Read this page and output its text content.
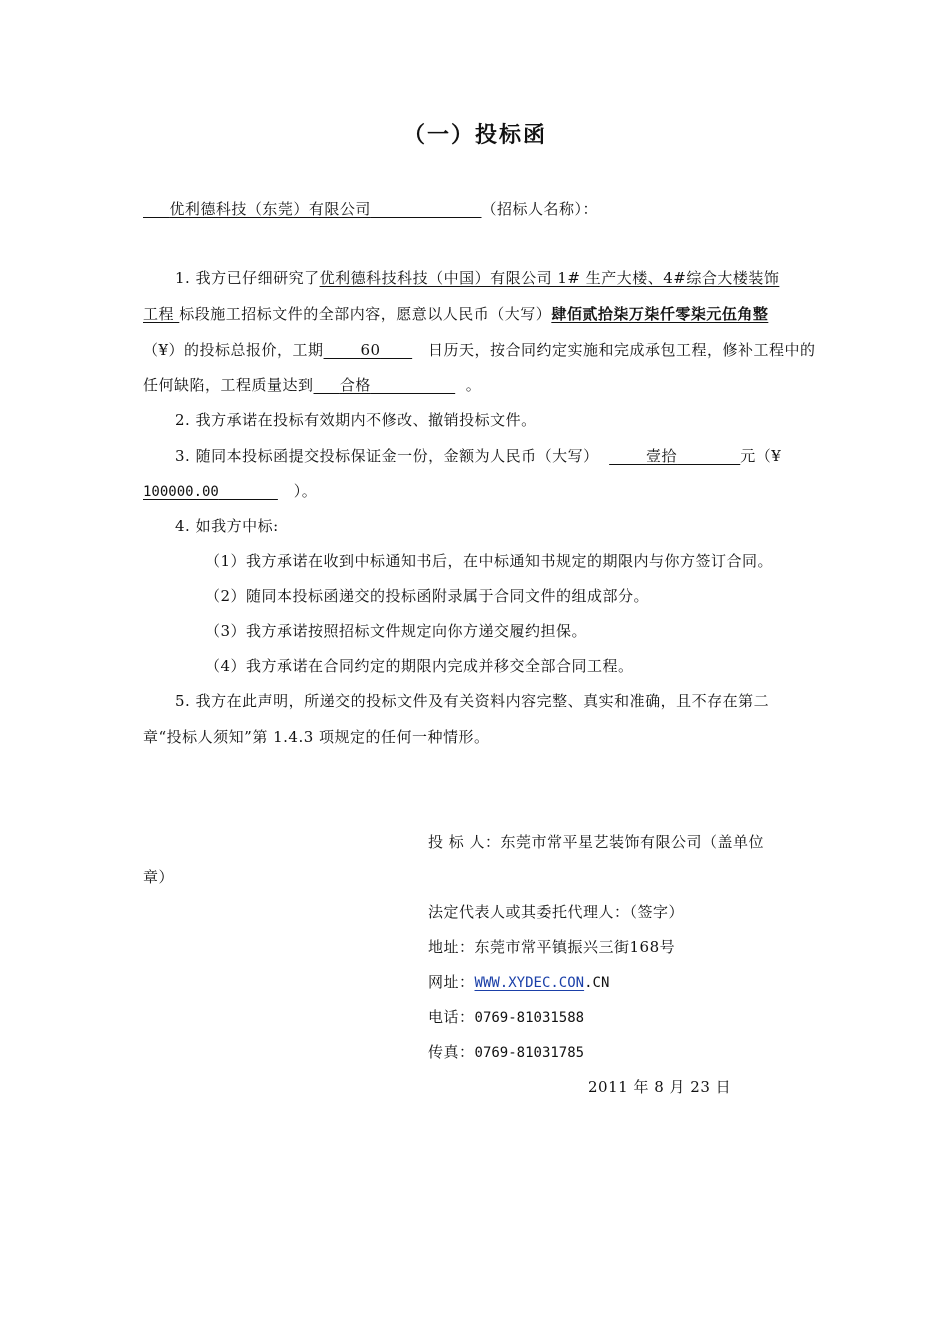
（一）投标函
优利德科技（东莞）有限公司	（招标人名称）：
1. 我方已仔细研究了优利德科技科技（中国）有限公司 1# 生产大楼、4#综合大楼装饰
工程 标段施工招标文件的全部内容，愿意以人民币（大写）肆佰贰拾柒万柒仟零柒元伍角整
（¥）的投标总报价，工期 60	日历天，按合同约定实施和完成承包工程，修补工程中的
任何缺陷，工程质量达到 合格	。
2. 我方承诺在投标有效期内不修改、撤销投标文件。
3. 随同本投标函提交投标保证金一份，金额为人民币（大写）	壹拾	元（¥
100000.00	）。
4. 如我方中标:
（1）我方承诺在收到中标通知书后，在中标通知书规定的期限内与你方签订合同。
（2）随同本投标函递交的投标函附录属于合同文件的组成部分。
（3）我方承诺按照招标文件规定向你方递交履约担保。
（4）我方承诺在合同约定的期限内完成并移交全部合同工程。
5. 我方在此声明，所递交的投标文件及有关资料内容完整、真实和准确，且不存在第二
章“投标人须知”第 1.4.3 项规定的任何一种情形。
投 标 人：东莞市常平星艺装饰有限公司（盖单位
章）
法定代表人或其委托代理人：（签字）
地址：东莞市常平镇振兴三街168号
网址：WWW.XYDEC.CON.CN
电话：0769-81031588
传真：0769-81031785
2011 年 8 月 23 日
